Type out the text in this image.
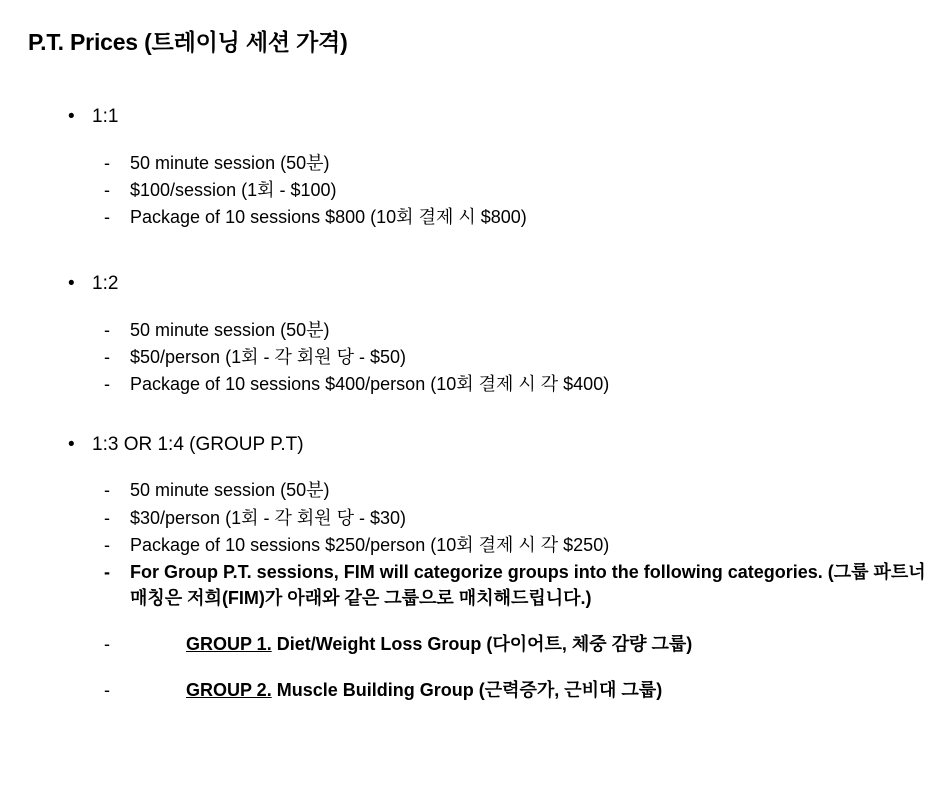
P.T. Prices (트레이닝 세션 가격)
• 1:1
- 50 minute session (50분)
- $100/session (1회 - $100)
- Package of 10 sessions $800 (10회 결제 시 $800)
• 1:2
- 50 minute session (50분)
- $50/person (1회 - 각 회원 당 - $50)
- Package of 10 sessions $400/person (10회 결제 시 각 $400)
• 1:3 OR 1:4 (GROUP P.T)
- 50 minute session (50분)
- $30/person (1회 - 각 회원 당 - $30)
- Package of 10 sessions $250/person (10회 결제 시 각 $250)
- For Group P.T. sessions, FIM will categorize groups into the following categories. (그룹 파트너 매칭은 저희(FIM)가 아래와 같은 그룹으로 매치해드립니다.)
-	GROUP 1. Diet/Weight Loss Group (다이어트, 체중 감량 그룹)
-	GROUP 2. Muscle Building Group (근력증가, 근비대 그룹)
